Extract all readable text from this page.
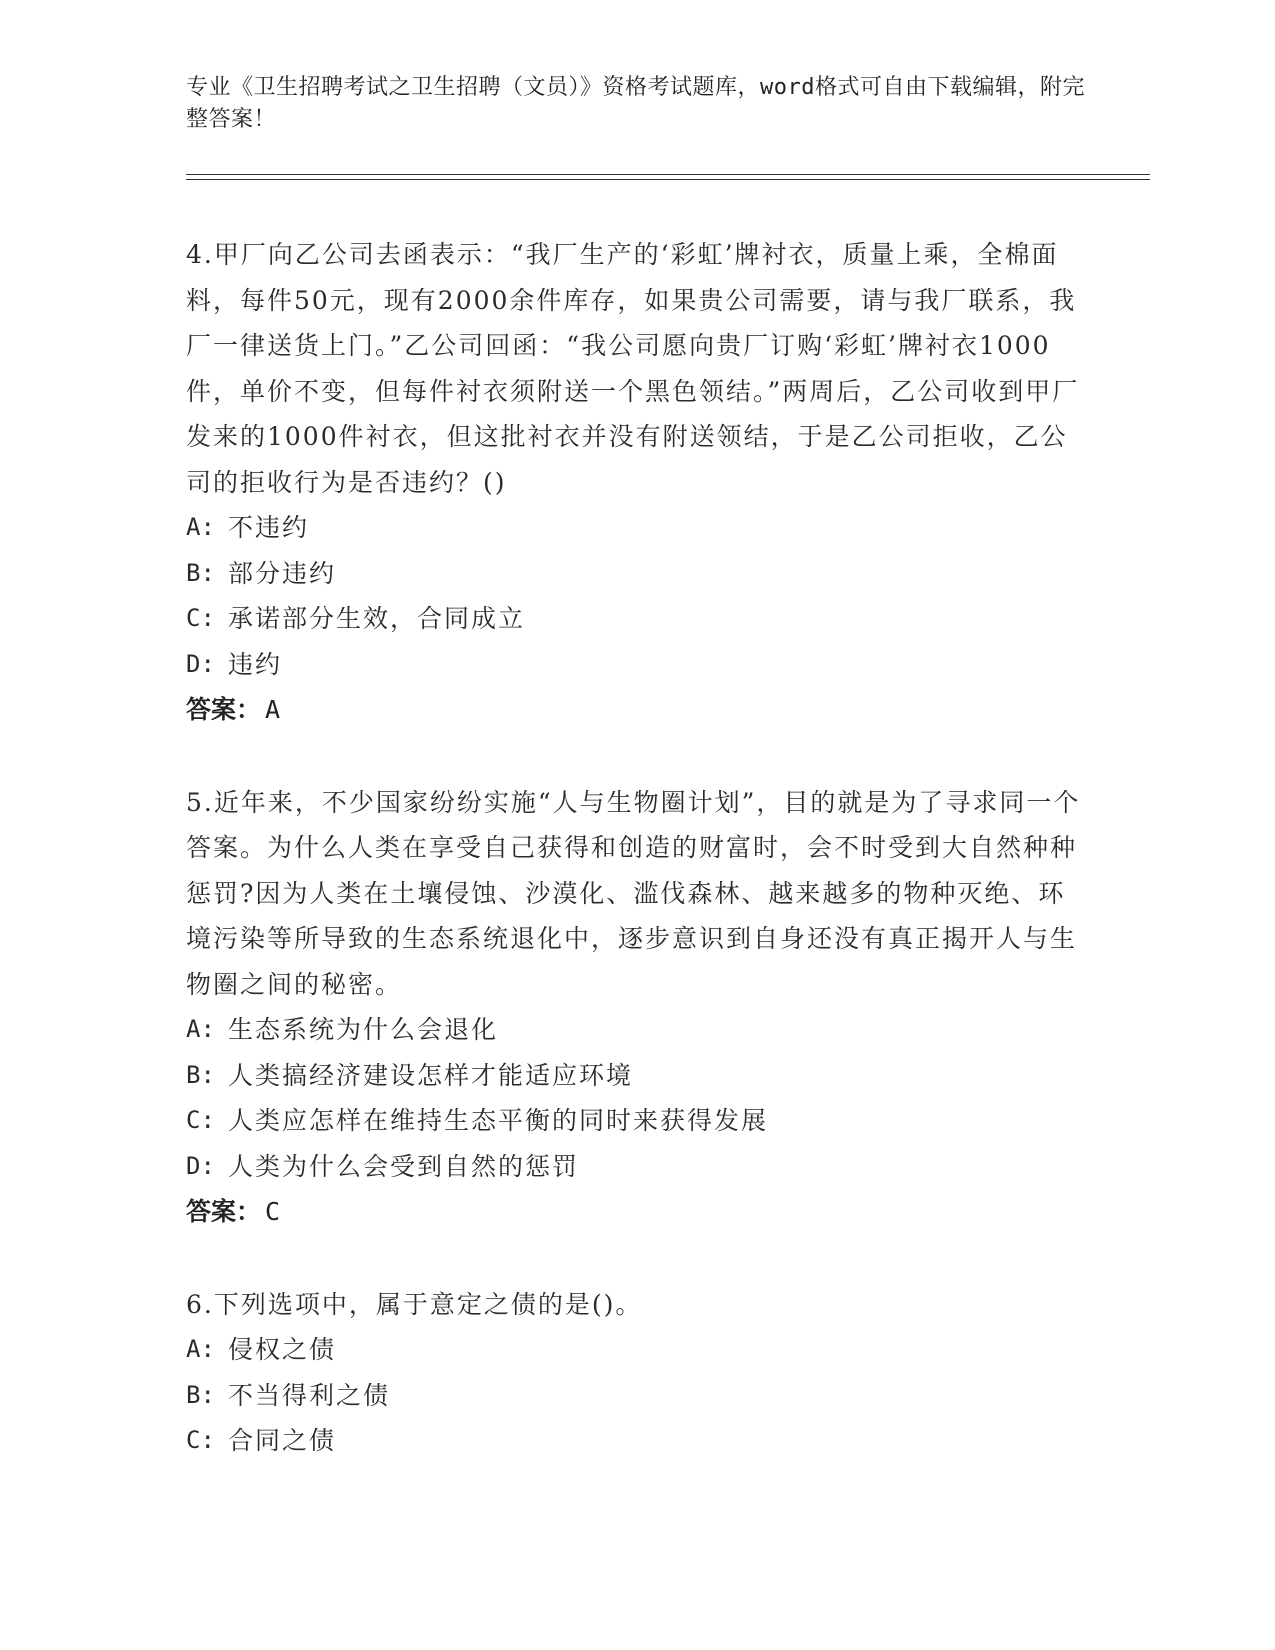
专业《卫生招聘考试之卫生招聘（文员）》资格考试题库，word格式可自由下载编辑，附完整答案！

4.甲厂向乙公司去函表示：“我厂生产的‘彩虹’牌衬衣，质量上乘，全棉面料，每件50元，现有2000余件库存，如果贵公司需要，请与我厂联系，我厂一律送货上门。”乙公司回函：“我公司愿向贵厂订购‘彩虹’牌衬衣1000件，单价不变，但每件衬衣须附送一个黑色领结。”两周后，乙公司收到甲厂发来的1000件衬衣，但这批衬衣并没有附送领结，于是乙公司拒收，乙公司的拒收行为是否违约？()

A: 不违约
B: 部分违约
C: 承诺部分生效，合同成立
D: 违约
答案： A

5.近年来，不少国家纷纷实施“人与生物圈计划”，目的就是为了寻求同一个答案。为什么人类在享受自己获得和创造的财富时，会不时受到大自然种种惩罚?因为人类在土壤侵蚀、沙漠化、滥伐森林、越来越多的物种灭绝、环境污染等所导致的生态系统退化中，逐步意识到自身还没有真正揭开人与生物圈之间的秘密。

A: 生态系统为什么会退化
B: 人类搞经济建设怎样才能适应环境
C: 人类应怎样在维持生态平衡的同时来获得发展
D: 人类为什么会受到自然的惩罚
答案： C

6.下列选项中，属于意定之债的是()。

A: 侵权之债
B: 不当得利之债
C: 合同之债
